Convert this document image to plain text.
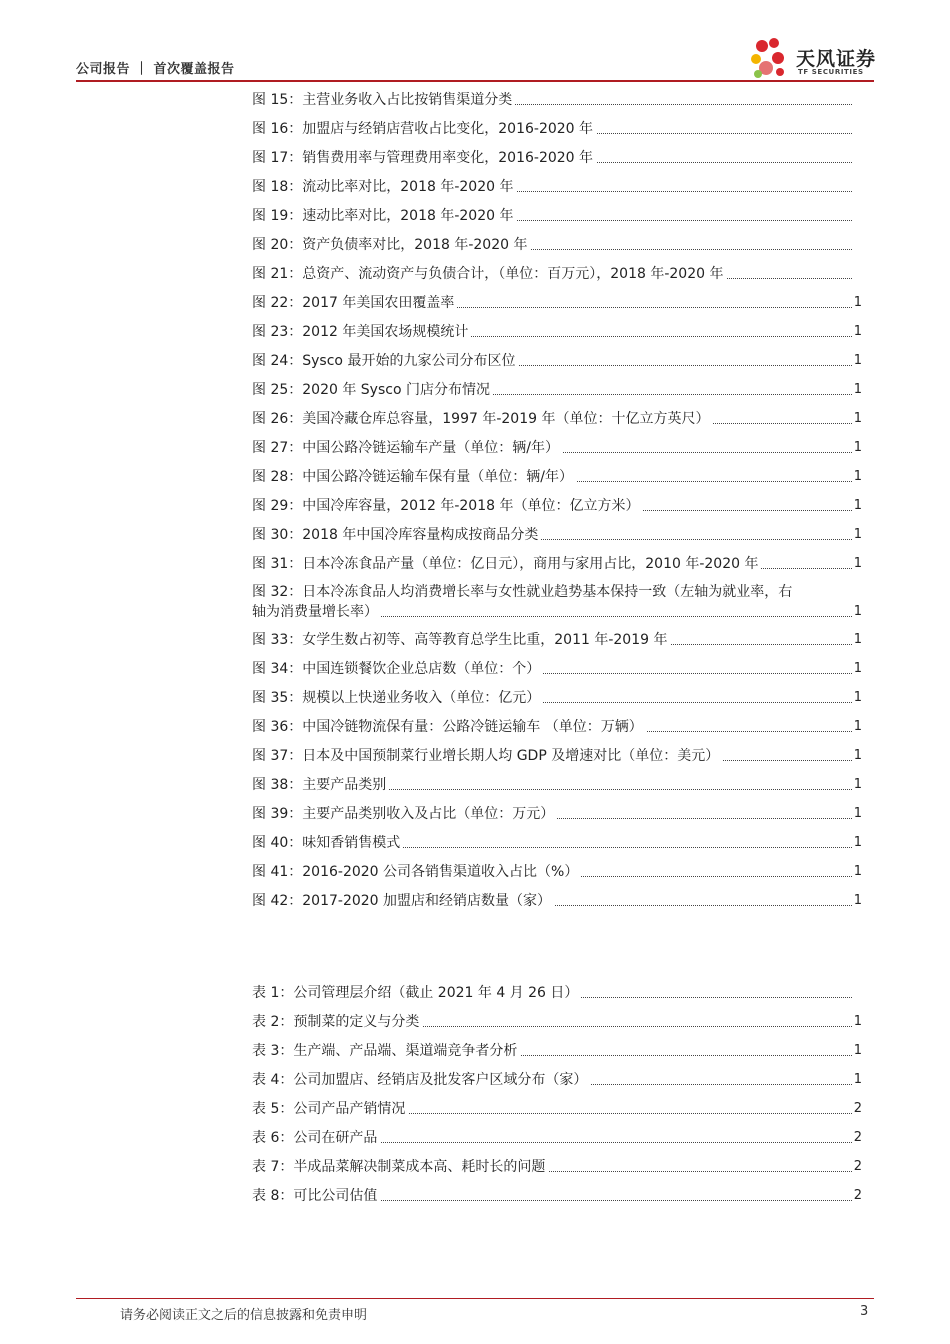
公司报告 ｜ 首次覆盖报告	天风证券
TF SECURITIES
图 15：主营业务收入占比按销售渠道分类
图 16：加盟店与经销店营收占比变化，2016-2020 年
图 17：销售费用率与管理费用率变化，2016-2020 年
图 18：流动比率对比，2018 年-2020 年
图 19：速动比率对比，2018 年-2020 年
图 20：资产负债率对比，2018 年-2020 年
图 21：总资产、流动资产与负债合计，（单位：百万元），2018 年-2020 年
图 22：2017 年美国农田覆盖率	1
图 23：2012 年美国农场规模统计	1
图 24：Sysco 最开始的九家公司分布区位	1
图 25：2020 年 Sysco 门店分布情况	1
图 26：美国冷藏仓库总容量，1997 年-2019 年（单位：十亿立方英尺）	1
图 27：中国公路冷链运输车产量（单位：辆/年）	1
图 28：中国公路冷链运输车保有量（单位：辆/年）	1
图 29：中国冷库容量，2012 年-2018 年（单位：亿立方米）	1
图 30：2018 年中国冷库容量构成按商品分类	1
图 31：日本冷冻食品产量（单位：亿日元），商用与家用占比，2010 年-2020 年	1
图 32：日本冷冻食品人均消费增长率与女性就业趋势基本保持一致（左轴为就业率，右
轴为消费量增长率）	1
图 33：女学生数占初等、高等教育总学生比重，2011 年-2019 年	1
图 34：中国连锁餐饮企业总店数（单位：个）	1
图 35：规模以上快递业务收入（单位：亿元）	1
图 36：中国冷链物流保有量：公路冷链运输车 （单位：万辆）	1
图 37：日本及中国预制菜行业增长期人均 GDP 及增速对比（单位：美元）	1
图 38：主要产品类别	1
图 39：主要产品类别收入及占比（单位：万元）	1
图 40：味知香销售模式	1
图 41：2016-2020 公司各销售渠道收入占比（%）	1
图 42：2017-2020 加盟店和经销店数量（家）	1
表 1：公司管理层介绍（截止 2021 年 4 月 26 日）
表 2：预制菜的定义与分类	1
表 3：生产端、产品端、渠道端竞争者分析	1
表 4：公司加盟店、经销店及批发客户区域分布（家）	1
表 5：公司产品产销情况	2
表 6：公司在研产品	2
表 7：半成品菜解决制菜成本高、耗时长的问题	2
表 8：可比公司估值	2
请务必阅读正文之后的信息披露和免责申明	3
